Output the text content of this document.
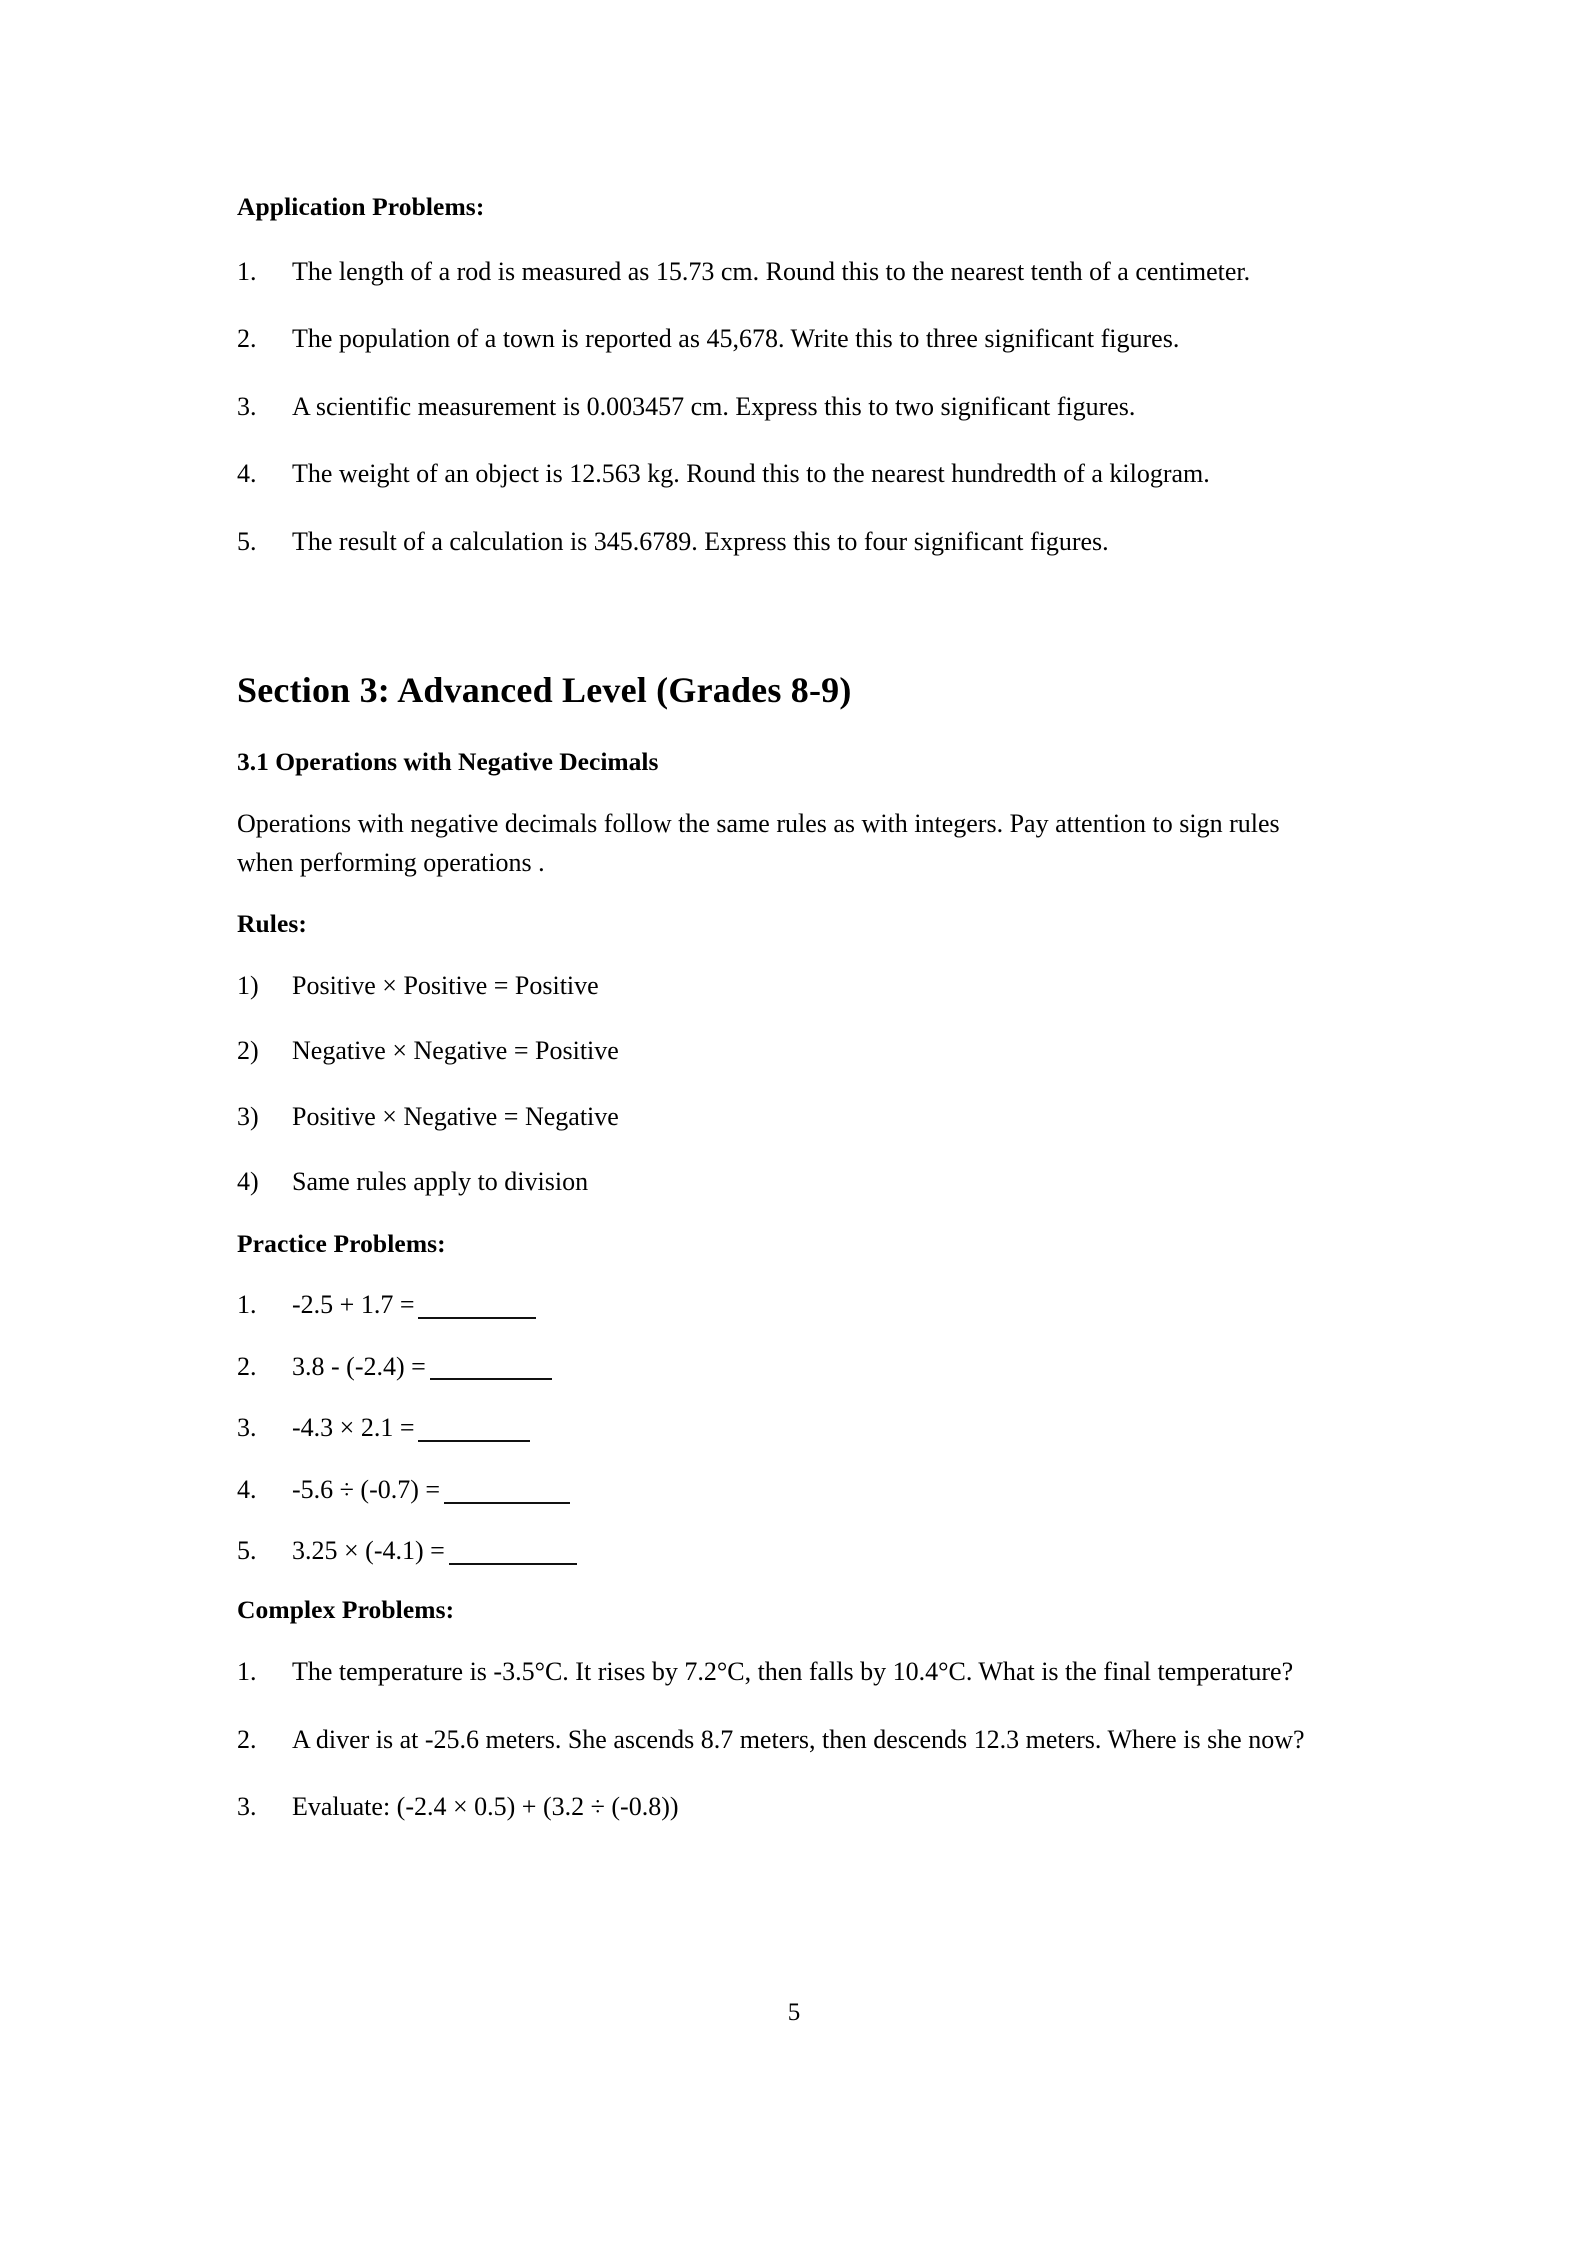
Application Problems:
1.	The length of a rod is measured as 15.73 cm. Round this to the nearest tenth of a centimeter.
2.	The population of a town is reported as 45,678. Write this to three significant figures.
3.	A scientific measurement is 0.003457 cm. Express this to two significant figures.
4.	The weight of an object is 12.563 kg. Round this to the nearest hundredth of a kilogram.
5.	The result of a calculation is 345.6789. Express this to four significant figures.
Section 3: Advanced Level (Grades 8-9)
3.1 Operations with Negative Decimals

Operations with negative decimals follow the same rules as with integers. Pay attention to sign rules when performing operations .

Rules:
1)	Positive × Positive = Positive
2)	Negative × Negative = Positive
3)	Positive × Negative = Negative
4)	Same rules apply to division
Practice Problems:
1.	-2.5 + 1.7 =
2.	3.8 - (-2.4) =
3.	-4.3 × 2.1 =
4.	-5.6 ÷ (-0.7) =
5.	3.25 × (-4.1) =
Complex Problems:
1.	The temperature is -3.5°C. It rises by 7.2°C, then falls by 10.4°C. What is the final temperature?
2.	A diver is at -25.6 meters. She ascends 8.7 meters, then descends 12.3 meters. Where is she now?
3.	Evaluate: (-2.4 × 0.5) + (3.2 ÷ (-0.8))
5
